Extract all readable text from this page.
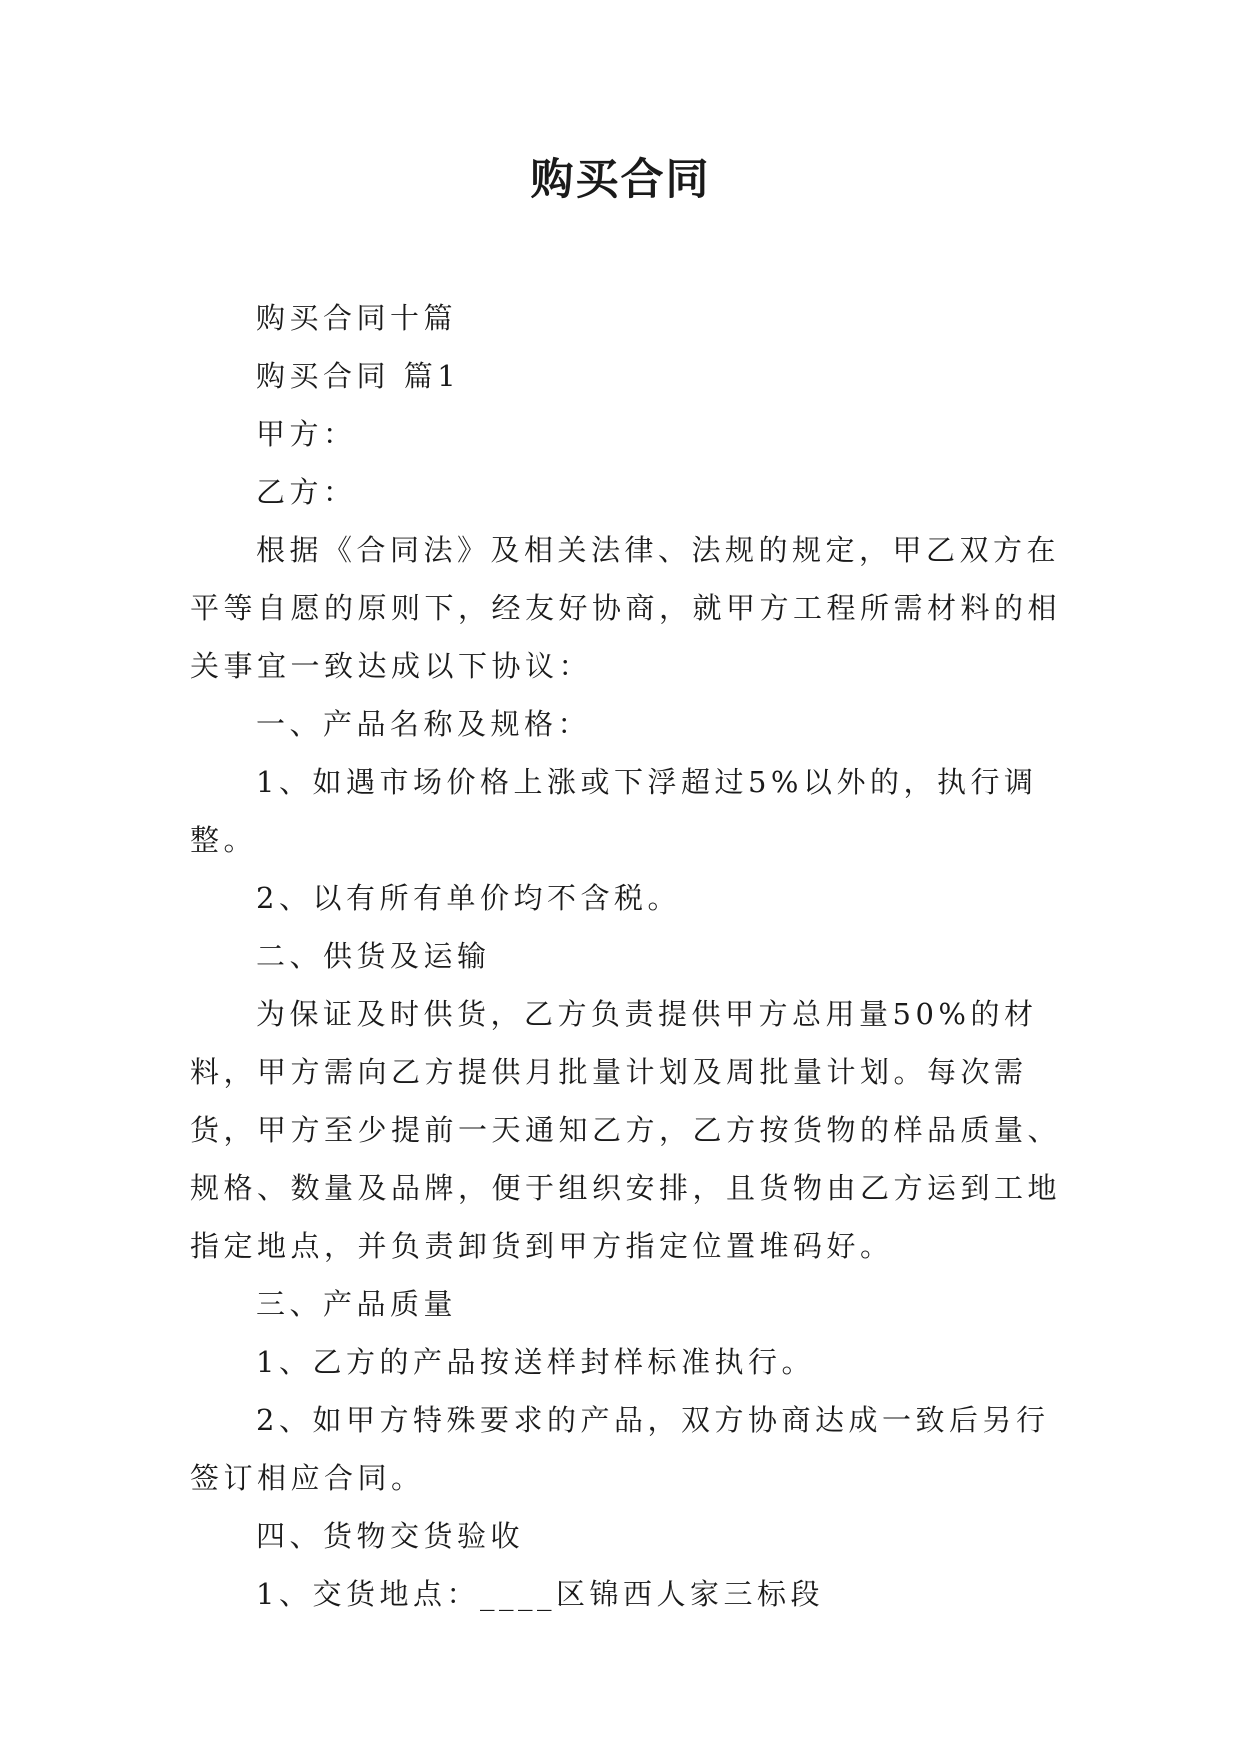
购买合同

购买合同十篇

购买合同 篇1

甲方：

乙方：

根据《合同法》及相关法律、法规的规定，甲乙双方在平等自愿的原则下，经友好协商，就甲方工程所需材料的相关事宜一致达成以下协议：

一、产品名称及规格：

1、如遇市场价格上涨或下浮超过5%以外的，执行调整。

2、以有所有单价均不含税。

二、供货及运输

为保证及时供货，乙方负责提供甲方总用量50%的材料，甲方需向乙方提供月批量计划及周批量计划。每次需货，甲方至少提前一天通知乙方，乙方按货物的样品质量、规格、数量及品牌，便于组织安排，且货物由乙方运到工地指定地点，并负责卸货到甲方指定位置堆码好。

三、产品质量

1、乙方的产品按送样封样标准执行。

2、如甲方特殊要求的产品，双方协商达成一致后另行签订相应合同。

四、货物交货验收

1、交货地点：____区锦西人家三标段
